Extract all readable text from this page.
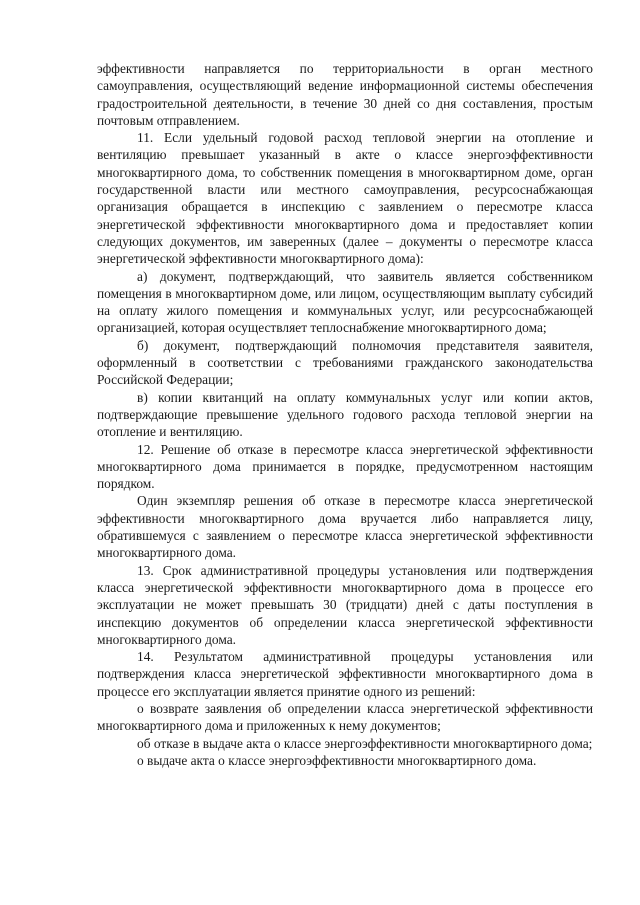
эффективности направляется по территориальности в орган местного самоуправления, осуществляющий ведение информационной системы обеспечения градостроительной деятельности, в течение 30 дней со дня составления, простым почтовым отправлением.

11. Если удельный годовой расход тепловой энергии на отопление и вентиляцию превышает указанный в акте о классе энергоэффективности многоквартирного дома, то собственник помещения в многоквартирном доме, орган государственной власти или местного самоуправления, ресурсоснабжающая организация обращается в инспекцию с заявлением о пересмотре класса энергетической эффективности многоквартирного дома и предоставляет копии следующих документов, им заверенных (далее – документы о пересмотре класса энергетической эффективности многоквартирного дома):

а) документ, подтверждающий, что заявитель является собственником помещения в многоквартирном доме, или лицом, осуществляющим выплату субсидий на оплату жилого помещения и коммунальных услуг, или ресурсоснабжающей организацией, которая осуществляет теплоснабжение многоквартирного дома;

б) документ, подтверждающий полномочия представителя заявителя, оформленный в соответствии с требованиями гражданского законодательства Российской Федерации;

в) копии квитанций на оплату коммунальных услуг или копии актов, подтверждающие превышение удельного годового расхода тепловой энергии на отопление и вентиляцию.

12. Решение об отказе в пересмотре класса энергетической эффективности многоквартирного дома принимается в порядке, предусмотренном настоящим порядком.

Один экземпляр решения об отказе в пересмотре класса энергетической эффективности многоквартирного дома вручается либо направляется лицу, обратившемуся с заявлением о пересмотре класса энергетической эффективности многоквартирного дома.

13. Срок административной процедуры установления или подтверждения класса энергетической эффективности многоквартирного дома в процессе его эксплуатации не может превышать 30 (тридцати) дней с даты поступления в инспекцию документов об определении класса энергетической эффективности многоквартирного дома.

14. Результатом административной процедуры установления или подтверждения класса энергетической эффективности многоквартирного дома в процессе его эксплуатации является принятие одного из решений:

о возврате заявления об определении класса энергетической эффективности многоквартирного дома и приложенных к нему документов;

об отказе в выдаче акта о классе энергоэффективности многоквартирного дома;

о выдаче акта о классе энергоэффективности многоквартирного дома.
